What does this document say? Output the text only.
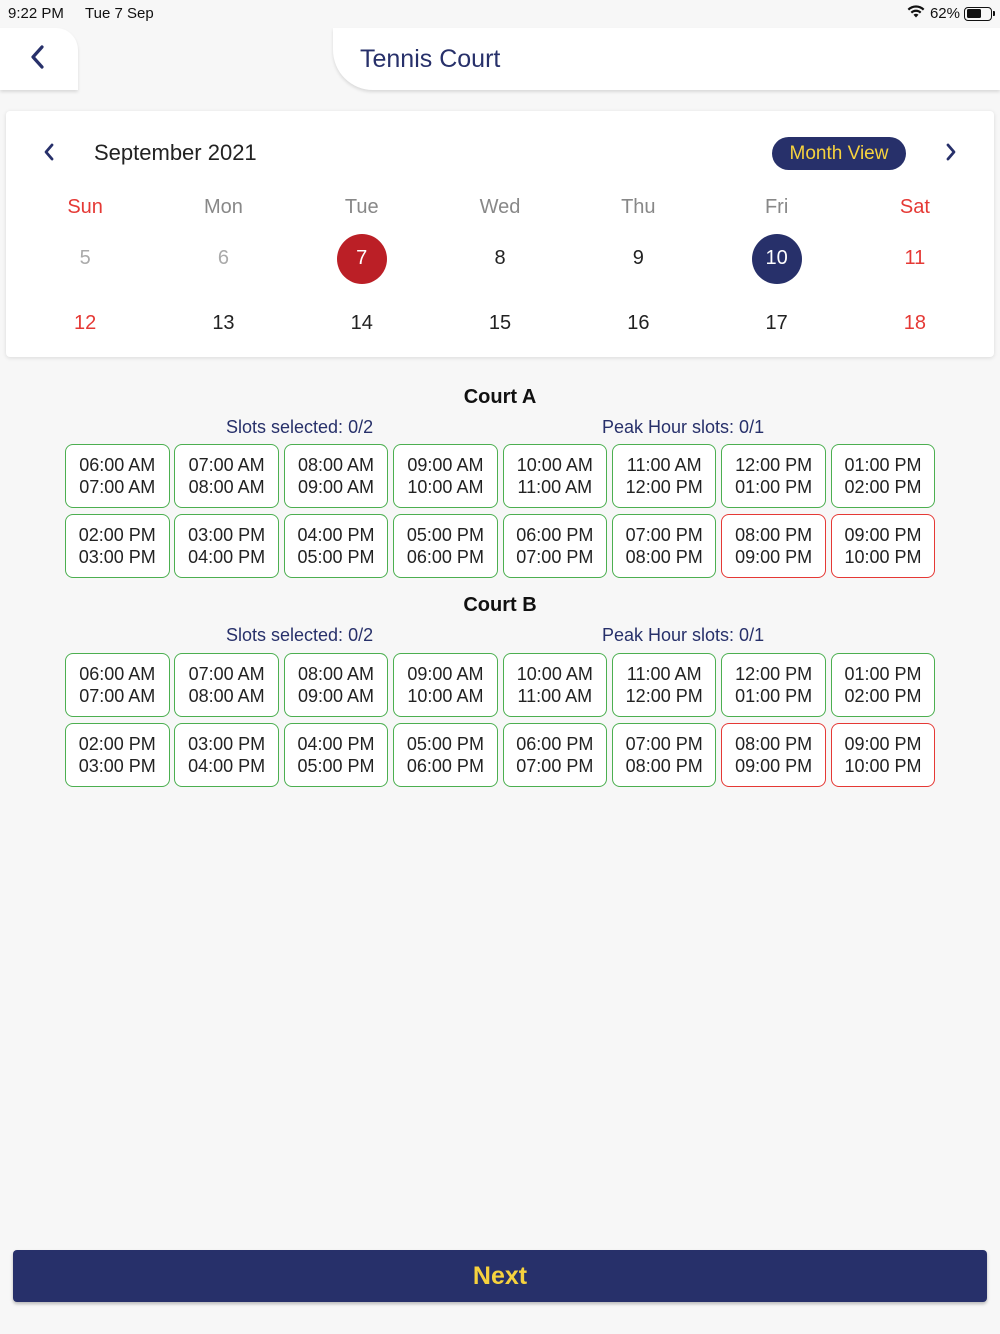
9:22 PM Tue 7 Sep	62%
Tennis Court
September 2021	Month View
Sun	Mon	Tue	Wed	Thu	Fri	Sat
5	6	7	8	9	10	11
12	13	14	15	16	17	18
Court A
Slots selected: 0/2	Peak Hour slots: 0/1
06:00 AM
07:00 AM
07:00 AM
08:00 AM
08:00 AM
09:00 AM
09:00 AM
10:00 AM
10:00 AM
11:00 AM
11:00 AM
12:00 PM
12:00 PM
01:00 PM
01:00 PM
02:00 PM
02:00 PM
03:00 PM
03:00 PM
04:00 PM
04:00 PM
05:00 PM
05:00 PM
06:00 PM
06:00 PM
07:00 PM
07:00 PM
08:00 PM
08:00 PM
09:00 PM
09:00 PM
10:00 PM
Court B
Slots selected: 0/2	Peak Hour slots: 0/1
06:00 AM
07:00 AM
07:00 AM
08:00 AM
08:00 AM
09:00 AM
09:00 AM
10:00 AM
10:00 AM
11:00 AM
11:00 AM
12:00 PM
12:00 PM
01:00 PM
01:00 PM
02:00 PM
02:00 PM
03:00 PM
03:00 PM
04:00 PM
04:00 PM
05:00 PM
05:00 PM
06:00 PM
06:00 PM
07:00 PM
07:00 PM
08:00 PM
08:00 PM
09:00 PM
09:00 PM
10:00 PM
Next
